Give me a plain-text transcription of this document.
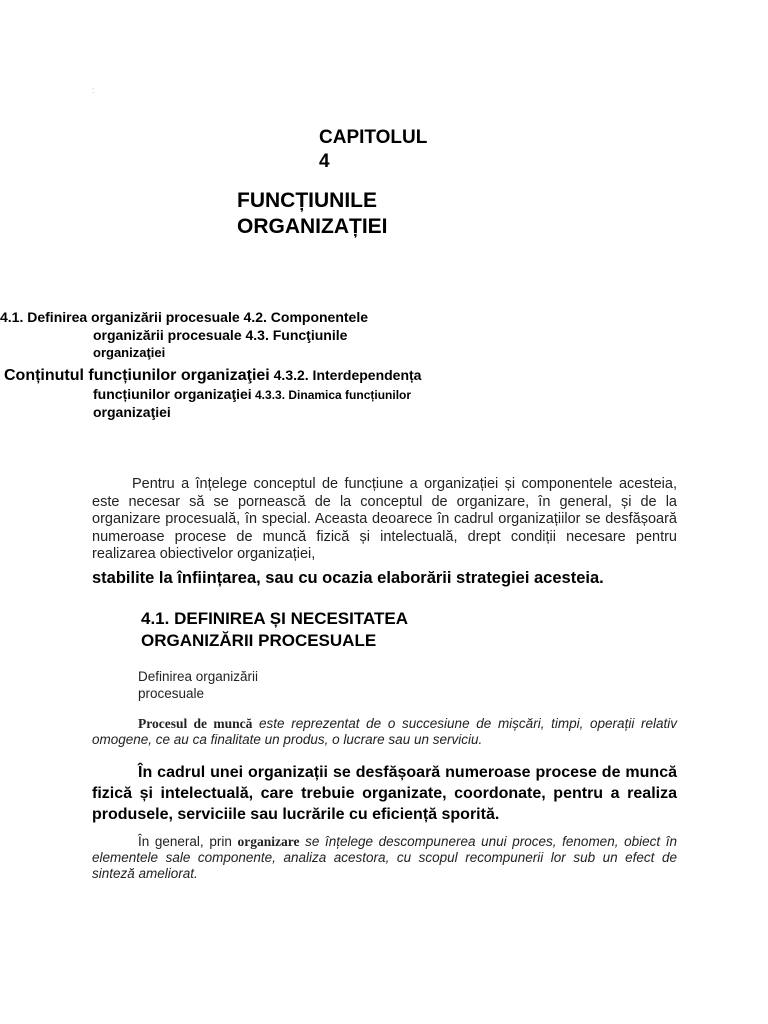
:
CAPITOLUL
4
FUNCȚIUNILE
ORGANIZAȚIEI
4.1. Definirea organizării procesuale 4.2. Componentele
organizării procesuale 4.3. Funcţiunile
organizaţiei
Conținutul funcțiunilor organizaţiei 4.3.2. Interdependența
funcțiunilor organizaţiei 4.3.3. Dinamica funcțiunilor
organizaţiei
Pentru a înțelege conceptul de funcțiune a organizației și componentele acesteia, este necesar să se pornească de la conceptul de organizare, în general, și de la organizare procesuală, în special. Aceasta deoarece în cadrul organizațiilor se desfășoară numeroase procese de muncă fizică și intelectuală, drept condiții necesare pentru realizarea obiectivelor organizației,
stabilite la înființarea, sau cu ocazia elaborării strategiei acesteia.
4.1. DEFINIREA ȘI NECESITATEA
ORGANIZĂRII PROCESUALE
Definirea organizării
procesuale
Procesul de muncă este reprezentat de o succesiune de mișcări, timpi, operații relativ omogene, ce au ca finalitate un produs, o lucrare sau un serviciu.
În cadrul unei organizații se desfășoară numeroase procese de muncă fizică și intelectuală, care trebuie organizate, coordonate, pentru a realiza produsele, serviciile sau lucrările cu eficiență sporită.
În general, prin organizare se înțelege descompunerea unui proces, fenomen, obiect în elementele sale componente, analiza acestora, cu scopul recompunerii lor sub un efect de sinteză ameliorat.
